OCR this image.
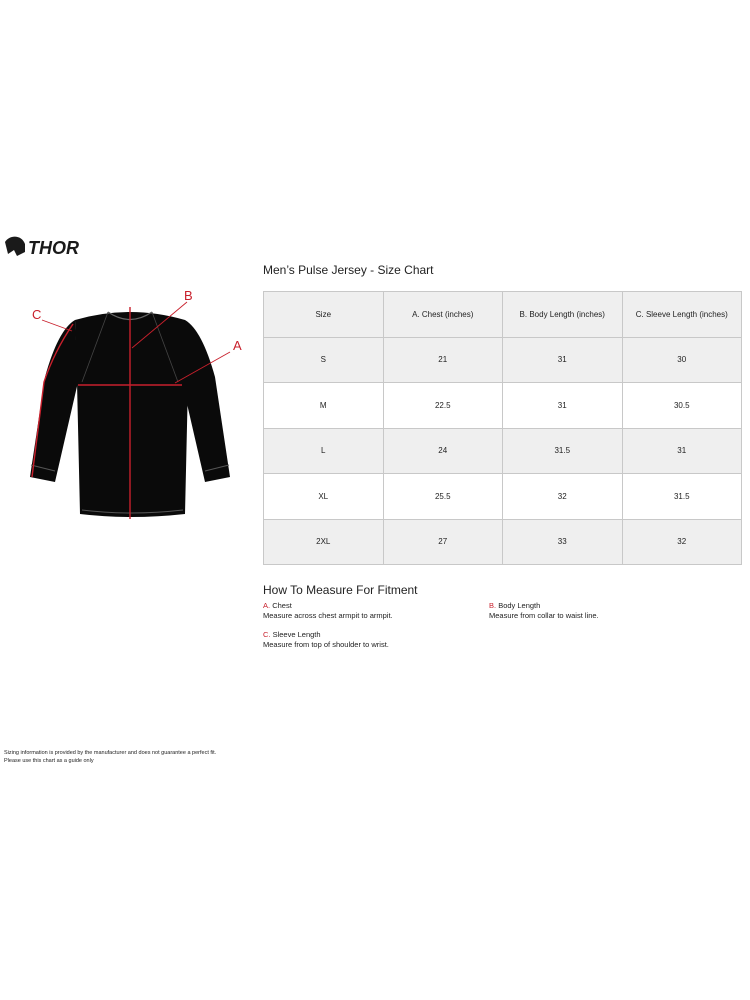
THOR
Men’s Pulse Jersey - Size Chart
B
A
C	Size	A. Chest (inches)	B. Body Length (inches)	C. Sleeve Length (inches)
S	21	31	30
M	22.5	31	30.5
L	24	31.5	31
XL	25.5	32	31.5
2XL	27	33	32
How To Measure For Fitment
A. Chest
Measure across chest armpit to armpit.
B. Body Length
Measure from collar to waist line.
C. Sleeve Length
Measure from top of shoulder to wrist.
Sizing information is provided by the manufacturer and does not guarantee a perfect fit.
Please use this chart as a guide only
